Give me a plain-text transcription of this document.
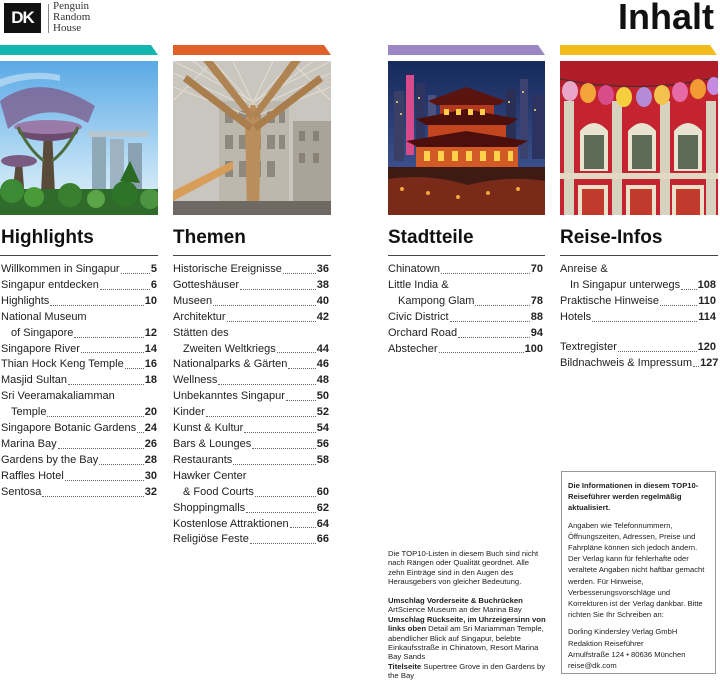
DK
Penguin
Random
House	Inhalt
Highlights	Themen	Stadtteile	Reise-Infos
Willkommen in Singapur	5
Singapur entdecken	6
Highlights	10
National Museum
of Singapore	12
Singapore River	14
Thian Hock Keng Temple 16
Masjid Sultan	18
Sri Veeramakaliamman
Temple	20
Singapore Botanic Gardens 24
Marina Bay	26
Gardens by the Bay	28
Raffles Hotel	30
Sentosa	32
Historische Ereignisse	36
Gotteshäuser	38
Museen	40
Architektur	42
Stätten des
Zweiten Weltkriegs	44
Nationalparks & Gärten	46
Wellness	48
Unbekanntes Singapur	50
Kinder	52
Kunst & Kultur	54
Bars & Lounges	56
Restaurants	58
Hawker Center
& Food Courts	60
Shoppingmalls	62
Kostenlose Attraktionen	64
Religiöse Feste	66
Chinatown	70
Little India &
Kampong Glam	78
Civic District	88
Orchard Road	94
Abstecher	100
Anreise &
In Singapur unterwegs 108
Praktische Hinweise	110
Hotels	114
Textregister	120
Bildnachweis & Impressum 127
Die TOP10-Listen in diesem Buch sind nicht nach Rängen oder Qualität geordnet. Alle zehn Einträge sind in den Augen des Herausgebers von gleicher Bedeutung.
Umschlag Vorderseite & Buchrücken
ArtScience Museum an der Marina Bay
Umschlag Rückseite, im Uhrzeigersinn von links oben Detail am Sri Mariamman Temple, abendlicher Blick auf Singapur, belebte Einkaufsstraße in Chinatown, Resort Marina Bay Sands
Titelseite Supertree Grove in den Gardens by the Bay

Die Informationen in diesem TOP10-Reiseführer werden regelmäßig aktualisiert.

Angaben wie Telefonnummern, Öffnungszeiten, Adressen, Preise und Fahrpläne können sich jedoch ändern. Der Verlag kann für fehlerhafte oder veraltete Angaben nicht haftbar gemacht werden. Für Hinweise, Verbesserungsvorschläge und Korrekturen ist der Verlag dankbar. Bitte richten Sie Ihr Schreiben an:

Dorling Kindersley Verlag GmbH
Redaktion Reiseführer
Arnulfstraße 124 • 80636 München
reise@dk.com
